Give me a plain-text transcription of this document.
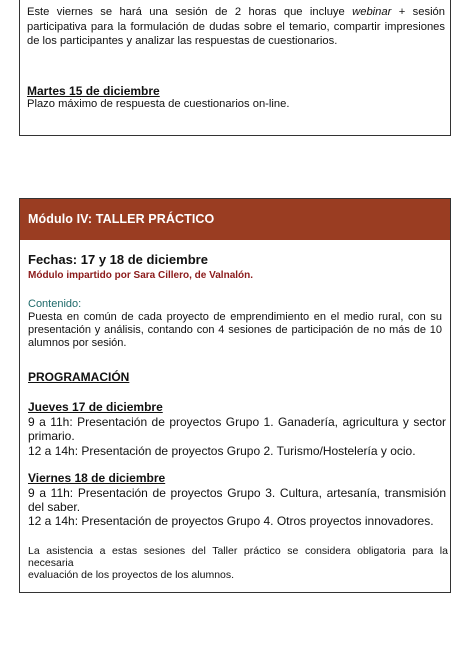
Este viernes se hará una sesión de 2 horas que incluye webinar + sesión participativa para la formulación de dudas sobre el temario, compartir impresiones de los participantes y analizar las respuestas de cuestionarios.
Martes 15 de diciembre
Plazo máximo de respuesta de cuestionarios on-line.
Módulo IV: TALLER PRÁCTICO
Fechas: 17 y 18 de diciembre
Módulo impartido por Sara Cillero, de Valnalón.
Contenido:
Puesta en común de cada proyecto de emprendimiento en el medio rural, con su presentación y análisis, contando con 4 sesiones de participación de no más de 10 alumnos por sesión.
PROGRAMACIÓN
Jueves 17 de diciembre
9 a 11h: Presentación de proyectos Grupo 1. Ganadería, agricultura y sector primario.
12 a 14h: Presentación de proyectos Grupo 2. Turismo/Hostelería y ocio.
Viernes 18 de diciembre
9 a 11h: Presentación de proyectos Grupo 3. Cultura, artesanía, transmisión del saber.
12 a 14h: Presentación de proyectos Grupo 4. Otros proyectos innovadores.
La asistencia a estas sesiones del Taller práctico se considera obligatoria para la necesaria
evaluación de los proyectos de los alumnos.
